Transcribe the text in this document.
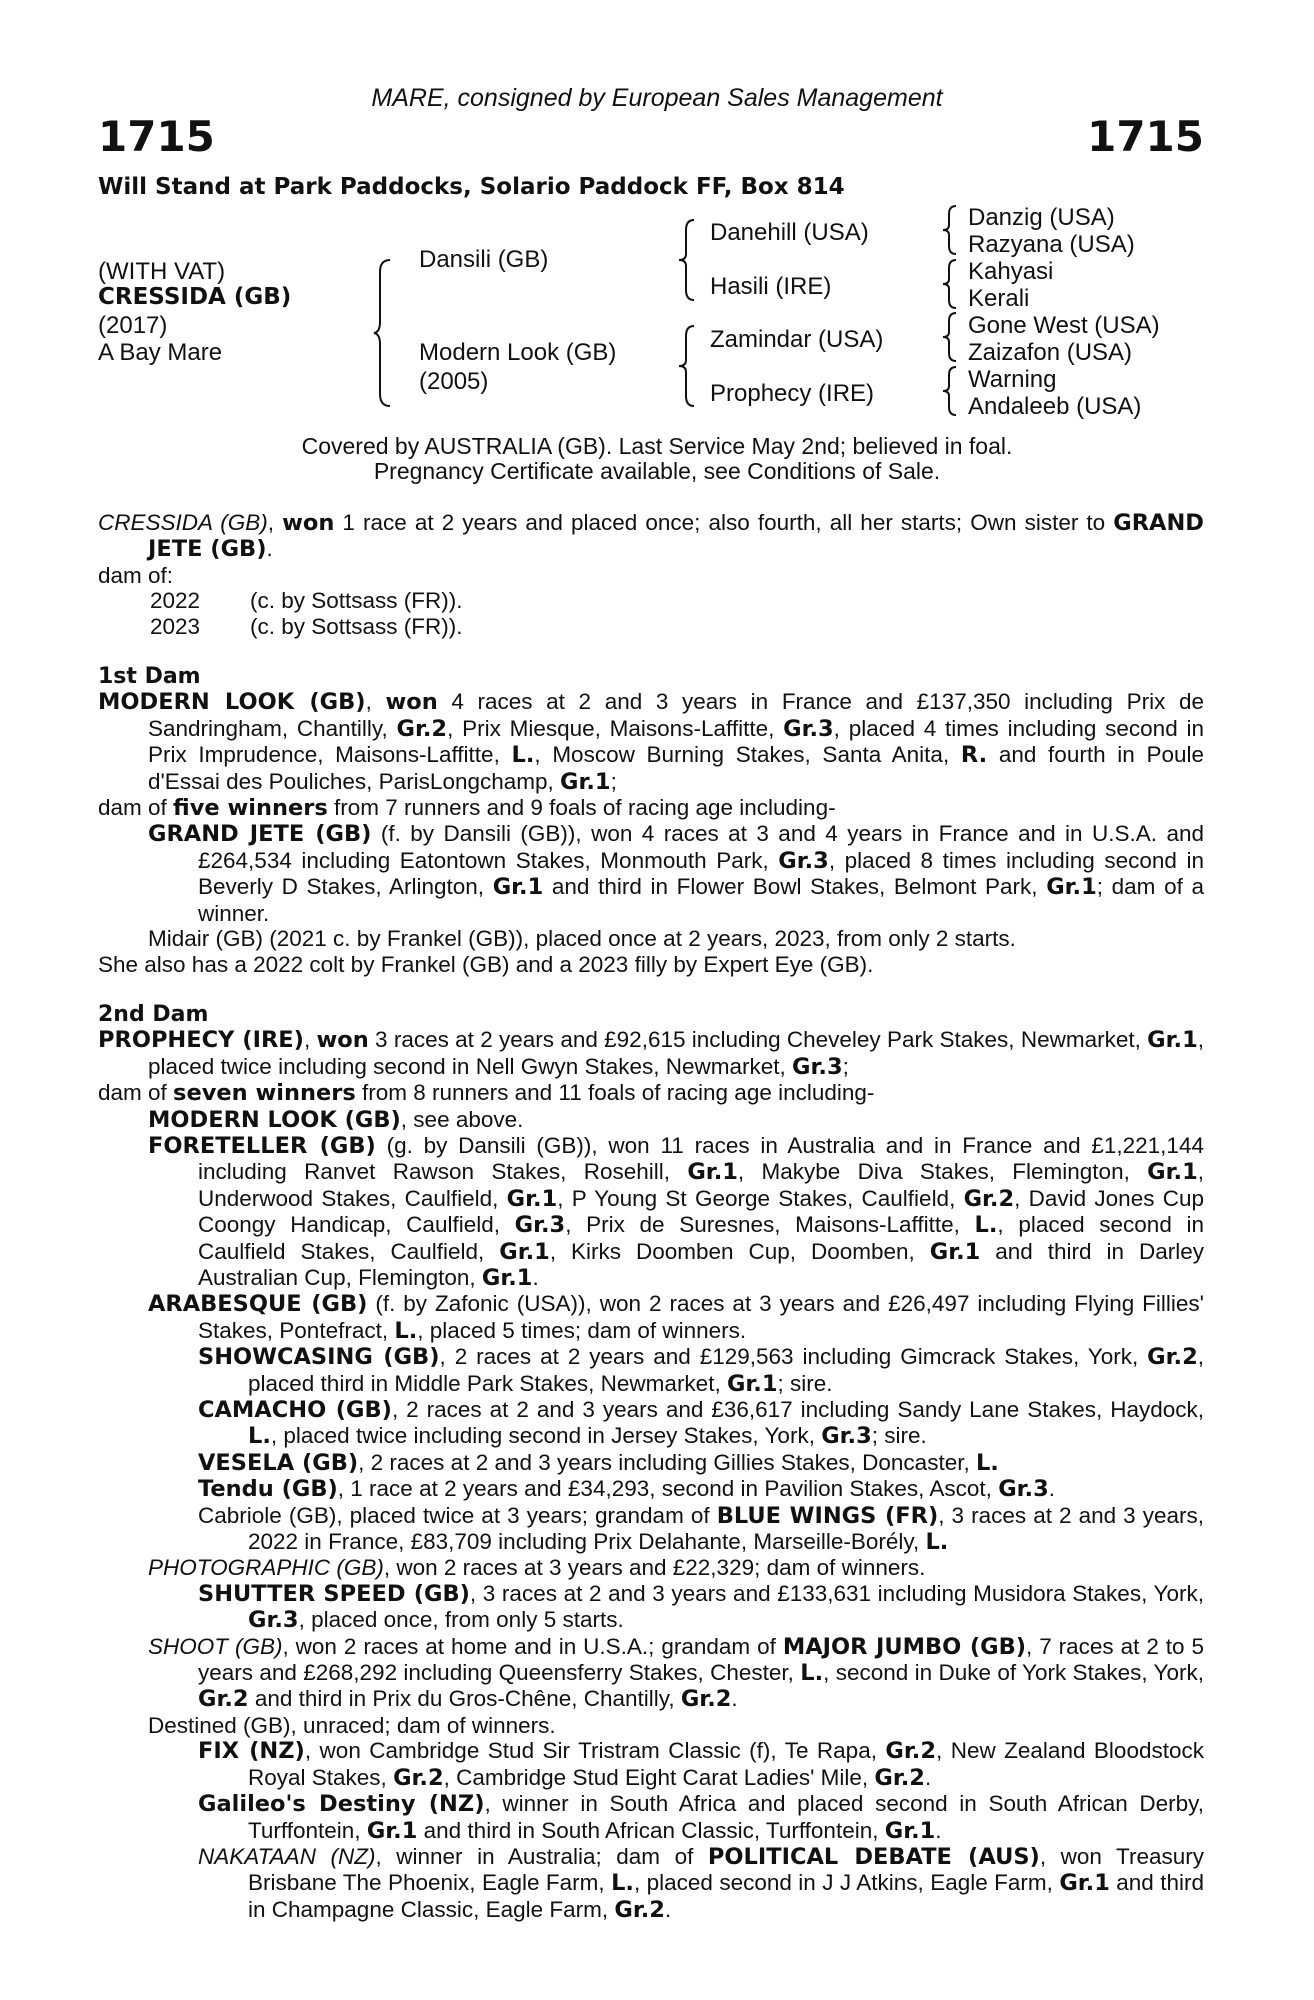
MARE, consigned by European Sales Management
1715	1715
Will Stand at Park Paddocks, Solario Paddock FF, Box 814
(WITH VAT)
CRESSIDA (GB)
(2017)
A Bay Mare
Dansili (GB)
Modern Look (GB)
(2005)
Danehill (USA)
Hasili (IRE)
Zamindar (USA)
Prophecy (IRE)
Danzig (USA)
Razyana (USA)
Kahyasi
Kerali
Gone West (USA)
Zaizafon (USA)
Warning
Andaleeb (USA)
Covered by AUSTRALIA (GB). Last Service May 2nd; believed in foal.
Pregnancy Certificate available, see Conditions of Sale.

CRESSIDA (GB), won 1 race at 2 years and placed once; also fourth, all her starts; Own sister to GRAND JETE (GB).

dam of:

2022 (c. by Sottsass (FR)).

2023 (c. by Sottsass (FR)).

1st Dam

MODERN LOOK (GB), won 4 races at 2 and 3 years in France and £137,350 including Prix de Sandringham, Chantilly, Gr.2, Prix Miesque, Maisons-Laffitte, Gr.3, placed 4 times including second in Prix Imprudence, Maisons-Laffitte, L., Moscow Burning Stakes, Santa Anita, R. and fourth in Poule d'Essai des Pouliches, ParisLongchamp, Gr.1;

dam of five winners from 7 runners and 9 foals of racing age including-

GRAND JETE (GB) (f. by Dansili (GB)), won 4 races at 3 and 4 years in France and in U.S.A. and £264,534 including Eatontown Stakes, Monmouth Park, Gr.3, placed 8 times including second in Beverly D Stakes, Arlington, Gr.1 and third in Flower Bowl Stakes, Belmont Park, Gr.1; dam of a winner.

Midair (GB) (2021 c. by Frankel (GB)), placed once at 2 years, 2023, from only 2 starts.

She also has a 2022 colt by Frankel (GB) and a 2023 filly by Expert Eye (GB).

2nd Dam

PROPHECY (IRE), won 3 races at 2 years and £92,615 including Cheveley Park Stakes, Newmarket, Gr.1, placed twice including second in Nell Gwyn Stakes, Newmarket, Gr.3;

dam of seven winners from 8 runners and 11 foals of racing age including-

MODERN LOOK (GB), see above.

FORETELLER (GB) (g. by Dansili (GB)), won 11 races in Australia and in France and £1,221,144 including Ranvet Rawson Stakes, Rosehill, Gr.1, Makybe Diva Stakes, Flemington, Gr.1, Underwood Stakes, Caulfield, Gr.1, P Young St George Stakes, Caulfield, Gr.2, David Jones Cup Coongy Handicap, Caulfield, Gr.3, Prix de Suresnes, Maisons-Laffitte, L., placed second in Caulfield Stakes, Caulfield, Gr.1, Kirks Doomben Cup, Doomben, Gr.1 and third in Darley Australian Cup, Flemington, Gr.1.

ARABESQUE (GB) (f. by Zafonic (USA)), won 2 races at 3 years and £26,497 including Flying Fillies' Stakes, Pontefract, L., placed 5 times; dam of winners.

SHOWCASING (GB), 2 races at 2 years and £129,563 including Gimcrack Stakes, York, Gr.2, placed third in Middle Park Stakes, Newmarket, Gr.1; sire.

CAMACHO (GB), 2 races at 2 and 3 years and £36,617 including Sandy Lane Stakes, Haydock, L., placed twice including second in Jersey Stakes, York, Gr.3; sire.

VESELA (GB), 2 races at 2 and 3 years including Gillies Stakes, Doncaster, L.

Tendu (GB), 1 race at 2 years and £34,293, second in Pavilion Stakes, Ascot, Gr.3.

Cabriole (GB), placed twice at 3 years; grandam of BLUE WINGS (FR), 3 races at 2 and 3 years, 2022 in France, £83,709 including Prix Delahante, Marseille-Borély, L.

PHOTOGRAPHIC (GB), won 2 races at 3 years and £22,329; dam of winners.

SHUTTER SPEED (GB), 3 races at 2 and 3 years and £133,631 including Musidora Stakes, York, Gr.3, placed once, from only 5 starts.

SHOOT (GB), won 2 races at home and in U.S.A.; grandam of MAJOR JUMBO (GB), 7 races at 2 to 5 years and £268,292 including Queensferry Stakes, Chester, L., second in Duke of York Stakes, York, Gr.2 and third in Prix du Gros-Chêne, Chantilly, Gr.2.

Destined (GB), unraced; dam of winners.

FIX (NZ), won Cambridge Stud Sir Tristram Classic (f), Te Rapa, Gr.2, New Zealand Bloodstock Royal Stakes, Gr.2, Cambridge Stud Eight Carat Ladies' Mile, Gr.2.

Galileo's Destiny (NZ), winner in South Africa and placed second in South African Derby, Turffontein, Gr.1 and third in South African Classic, Turffontein, Gr.1.

NAKATAAN (NZ), winner in Australia; dam of POLITICAL DEBATE (AUS), won Treasury Brisbane The Phoenix, Eagle Farm, L., placed second in J J Atkins, Eagle Farm, Gr.1 and third in Champagne Classic, Eagle Farm, Gr.2.
